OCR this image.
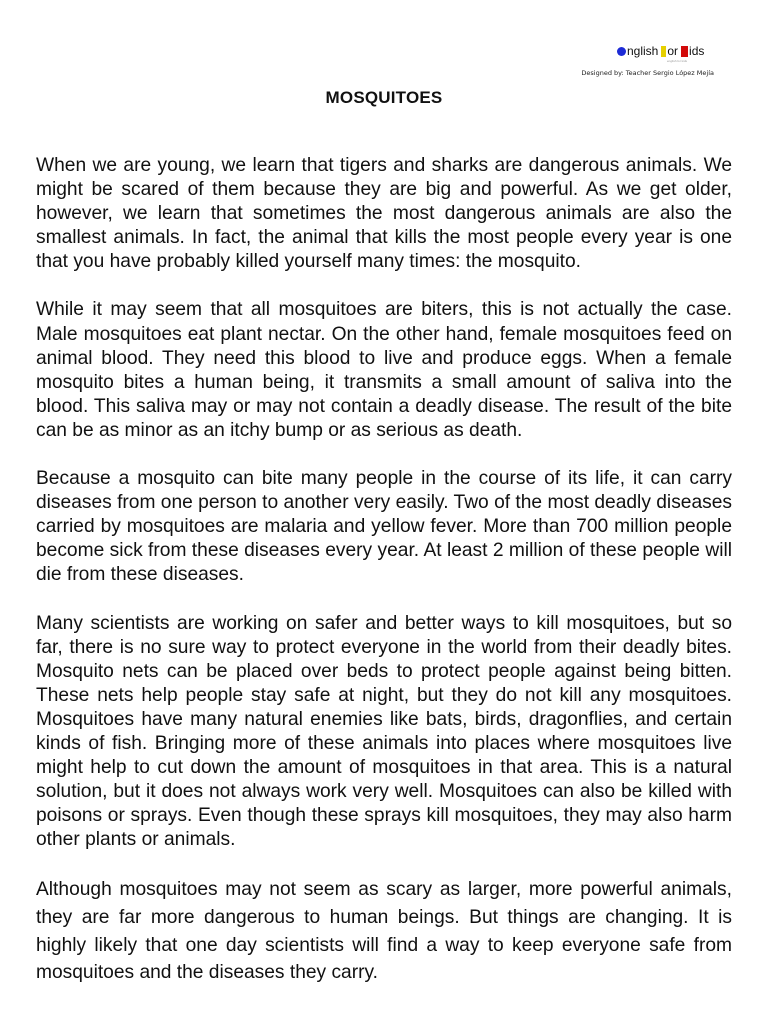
nglish or ids
english for kids
Designed by: Teacher Sergio López Mejía
MOSQUITOES

When we are young, we learn that tigers and sharks are dangerous animals. We might be scared of them because they are big and powerful. As we get older, however, we learn that sometimes the most dangerous animals are also the smallest animals. In fact, the animal that kills the most people every year is one that you have probably killed yourself many times: the mosquito.

While it may seem that all mosquitoes are biters, this is not actually the case. Male mosquitoes eat plant nectar. On the other hand, female mosquitoes feed on animal blood. They need this blood to live and produce eggs. When a female mosquito bites a human being, it transmits a small amount of saliva into the blood. This saliva may or may not contain a deadly disease. The result of the bite can be as minor as an itchy bump or as serious as death.

Because a mosquito can bite many people in the course of its life, it can carry diseases from one person to another very easily. Two of the most deadly diseases carried by mosquitoes are malaria and yellow fever. More than 700 million people become sick from these diseases every year. At least 2 million of these people will die from these diseases.

Many scientists are working on safer and better ways to kill mosquitoes, but so far, there is no sure way to protect everyone in the world from their deadly bites. Mosquito nets can be placed over beds to protect people against being bitten. These nets help people stay safe at night, but they do not kill any mosquitoes. Mosquitoes have many natural enemies like bats, birds, dragonflies, and certain kinds of fish. Bringing more of these animals into places where mosquitoes live might help to cut down the amount of mosquitoes in that area. This is a natural solution, but it does not always work very well. Mosquitoes can also be killed with poisons or sprays. Even though these sprays kill mosquitoes, they may also harm other plants or animals.

Although mosquitoes may not seem as scary as larger, more powerful animals, they are far more dangerous to human beings. But things are changing. It is highly likely that one day scientists will find a way to keep everyone safe from mosquitoes and the diseases they carry.
